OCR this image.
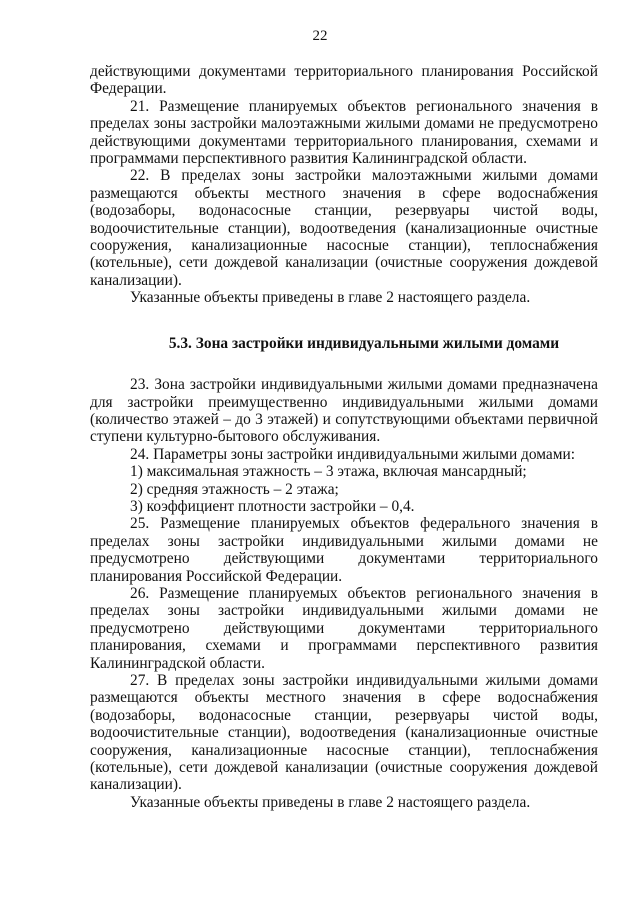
22

действующими документами территориального планирования Российской Федерации.

21. Размещение планируемых объектов регионального значения в пределах зоны застройки малоэтажными жилыми домами не предусмотрено действующими документами территориального планирования, схемами и программами перспективного развития Калининградской области.

22. В пределах зоны застройки малоэтажными жилыми домами размещаются объекты местного значения в сфере водоснабжения (водозаборы, водонасосные станции, резервуары чистой воды, водоочистительные станции), водоотведения (канализационные очистные сооружения, канализационные насосные станции), теплоснабжения (котельные), сети дождевой канализации (очистные сооружения дождевой канализации).

Указанные объекты приведены в главе 2 настоящего раздела.

5.3. Зона застройки индивидуальными жилыми домами

23. Зона застройки индивидуальными жилыми домами предназначена для застройки преимущественно индивидуальными жилыми домами (количество этажей – до 3 этажей) и сопутствующими объектами первичной ступени культурно-бытового обслуживания.

24. Параметры зоны застройки индивидуальными жилыми домами:

1) максимальная этажность – 3 этажа, включая мансардный;

2) средняя этажность – 2 этажа;

3) коэффициент плотности застройки – 0,4.

25. Размещение планируемых объектов федерального значения в пределах зоны застройки индивидуальными жилыми домами не предусмотрено действующими документами территориального планирования Российской Федерации.

26. Размещение планируемых объектов регионального значения в пределах зоны застройки индивидуальными жилыми домами не предусмотрено действующими документами территориального планирования, схемами и программами перспективного развития Калининградской области.

27. В пределах зоны застройки индивидуальными жилыми домами размещаются объекты местного значения в сфере водоснабжения (водозаборы, водонасосные станции, резервуары чистой воды, водоочистительные станции), водоотведения (канализационные очистные сооружения, канализационные насосные станции), теплоснабжения (котельные), сети дождевой канализации (очистные сооружения дождевой канализации).

Указанные объекты приведены в главе 2 настоящего раздела.
